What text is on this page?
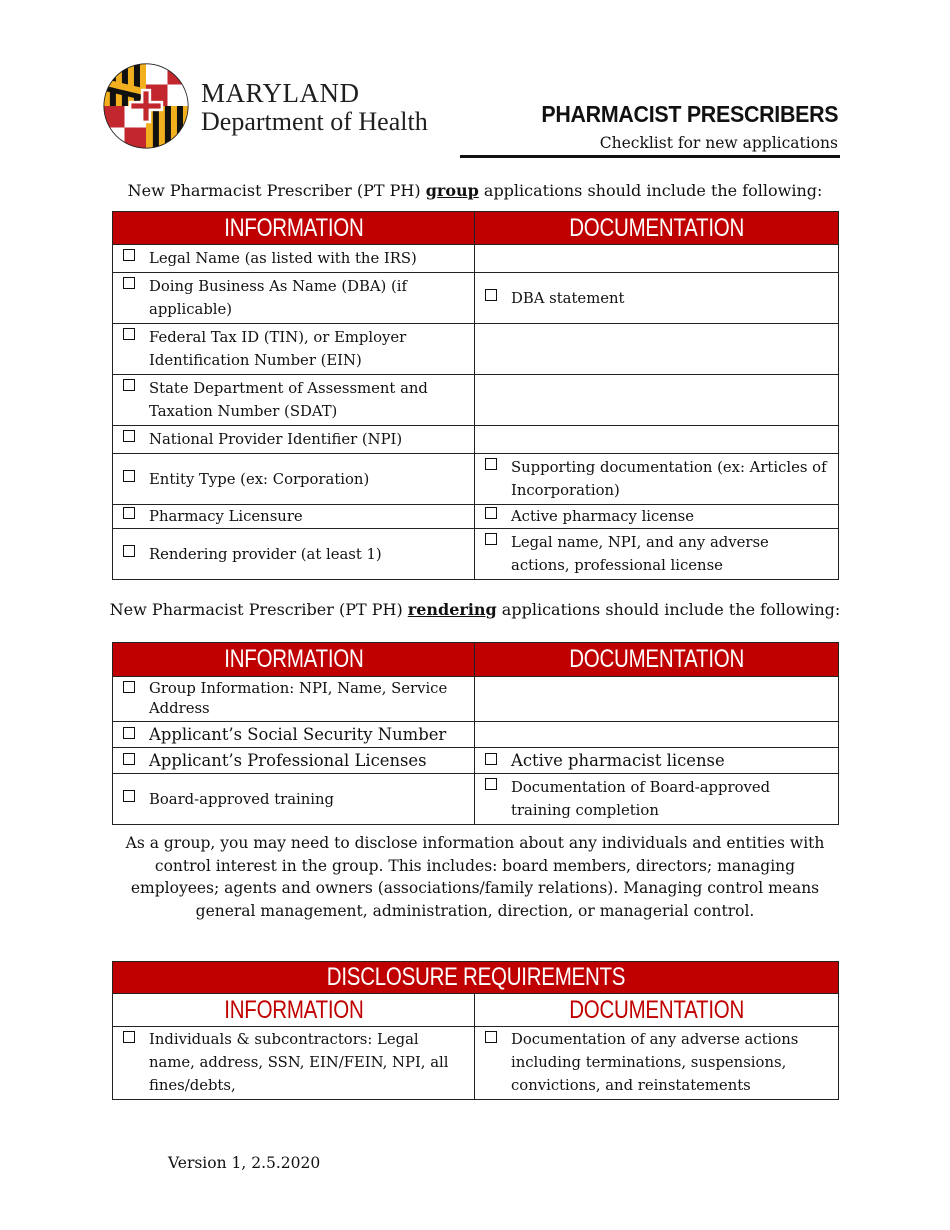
MARYLAND
Department of Health	PHARMACIST PRESCRIBERS
Checklist for new applications
New Pharmacist Prescriber (PT PH) group applications should include the following:
INFORMATION	DOCUMENTATION

Legal Name (as listed with the IRS)	

Doing Business As Name (DBA) (if applicable)	DBA statement

Federal Tax ID (TIN), or Employer Identification Number (EIN)	

State Department of Assessment and Taxation Number (SDAT)	

National Provider Identifier (NPI)	

Entity Type (ex: Corporation)	Supporting documentation (ex: Articles of Incorporation)

Pharmacy Licensure	Active pharmacy license

Rendering provider (at least 1)	Legal name, NPI, and any adverse actions, professional license
New Pharmacist Prescriber (PT PH) rendering applications should include the following:
INFORMATION	DOCUMENTATION

Group Information: NPI, Name, Service Address	

Applicant’s Social Security Number	

Applicant’s Professional Licenses	Active pharmacist license

Board-approved training	Documentation of Board-approved training completion
As a group, you may need to disclose information about any individuals and entities with control interest in the group. This includes: board members, directors; managing employees; agents and owners (associations/family relations). Managing control means general management, administration, direction, or managerial control.
DISCLOSURE REQUIREMENTS	
INFORMATION	DOCUMENTATION

Individuals & subcontractors: Legal name, address, SSN, EIN/FEIN, NPI, all fines/debts,	Documentation of any adverse actions including terminations, suspensions, convictions, and reinstatements
Version 1, 2.5.2020
